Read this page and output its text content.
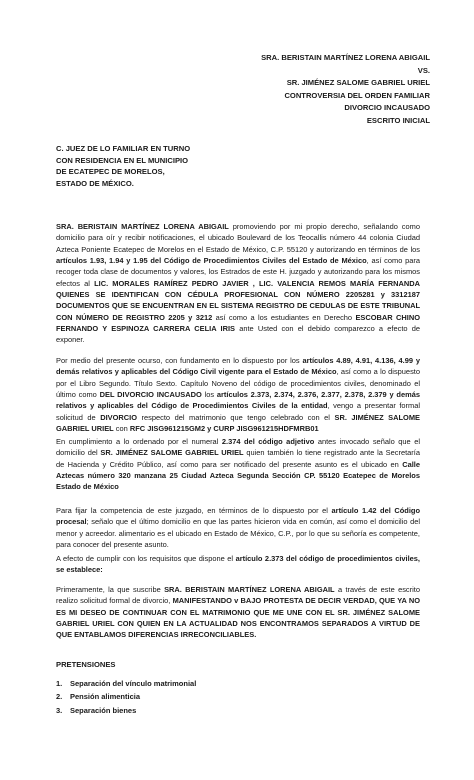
SRA. BERISTAIN MARTÍNEZ LORENA ABIGAIL
VS.
SR. JIMÉNEZ SALOME GABRIEL URIEL
CONTROVERSIA DEL ORDEN FAMILIAR
DIVORCIO INCAUSADO
ESCRITO INICIAL
C. JUEZ DE LO FAMILIAR EN TURNO
CON RESIDENCIA EN EL MUNICIPIO
DE ECATEPEC DE MORELOS,
ESTADO DE MÉXICO.
SRA. BERISTAIN MARTÍNEZ LORENA ABIGAIL promoviendo por mi propio derecho, señalando como domicilio para oír y recibir notificaciones, el ubicado Boulevard de los Teocallis número 44 colonia Ciudad Azteca Poniente Ecatepec de Morelos en el Estado de México, C.P. 55120 y autorizando en términos de los artículos 1.93, 1.94 y 1.95 del Código de Procedimientos Civiles del Estado de México, así como para recoger toda clase de documentos y valores, los Estrados de este H. juzgado y autorizando para los mismos efectos al LIC. MORALES RAMÍREZ PEDRO JAVIER , LIC. VALENCIA REMOS MARÍA FERNANDA QUIENES SE IDENTIFICAN CON CÉDULA PROFESIONAL CON NÚMERO 2205281 y 3312187 DOCUMENTOS QUE SE ENCUENTRAN EN EL SISTEMA REGISTRO DE CEDULAS DE ESTE TRIBUNAL CON NÚMERO DE REGISTRO 2205 y 3212 así como a los estudiantes en Derecho ESCOBAR CHINO FERNANDO Y ESPINOZA CARRERA CELIA IRIS ante Usted con el debido comparezco a efecto de exponer.
Por medio del presente ocurso, con fundamento en lo dispuesto por los artículos 4.89, 4.91, 4.136, 4.99 y demás relativos y aplicables del Código Civil vigente para el Estado de México, así como a lo dispuesto por el Libro Segundo. Título Sexto. Capítulo Noveno del código de procedimientos civiles, denominado el último como DEL DIVORCIO INCAUSADO los artículos 2.373, 2.374, 2.376, 2.377, 2.378, 2.379 y demás relativos y aplicables del Código de Procedimientos Civiles de la entidad, vengo a presentar formal solicitud de DIVORCIO respecto del matrimonio que tengo celebrado con el SR. JIMÉNEZ SALOME GABRIEL URIEL con RFC JISG961215GM2 y CURP JISG961215HDFMRB01
En cumplimiento a lo ordenado por el numeral 2.374 del código adjetivo antes invocado señalo que el domicilio del SR. JIMÉNEZ SALOME GABRIEL URIEL quien también lo tiene registrado ante la Secretaría de Hacienda y Crédito Público, así como para ser notificado del presente asunto es el ubicado en Calle Aztecas número 320 manzana 25 Ciudad Azteca Segunda Sección CP. 55120 Ecatepec de Morelos Estado de México
Para fijar la competencia de este juzgado, en términos de lo dispuesto por el artículo 1.42 del Código procesal; señalo que el último domicilio en que las partes hicieron vida en común, así como el domicilio del menor y acreedor. alimentario es el ubicado en Estado de México, C.P., por lo que su señoría es competente, para conocer del presente asunto.
A efecto de cumplir con los requisitos que dispone el artículo 2.373 del código de procedimientos civiles, se establece:
Primeramente, la que suscribe SRA. BERISTAIN MARTÍNEZ LORENA ABIGAIL a través de este escrito realizo solicitud formal de divorcio, MANIFESTANDO v BAJO PROTESTA DE DECIR VERDAD, QUE YA NO ES MI DESEO DE CONTINUAR CON EL MATRIMONIO QUE ME UNE CON EL SR. JIMÉNEZ SALOME GABRIEL URIEL CON QUIEN EN LA ACTUALIDAD NOS ENCONTRAMOS SEPARADOS A VIRTUD DE QUE ENTABLAMOS DIFERENCIAS IRRECONCILIABLES.
PRETENSIONES
1.	Separación del vínculo matrimonial
2.	Pensión alimenticia
3.	Separación bienes
